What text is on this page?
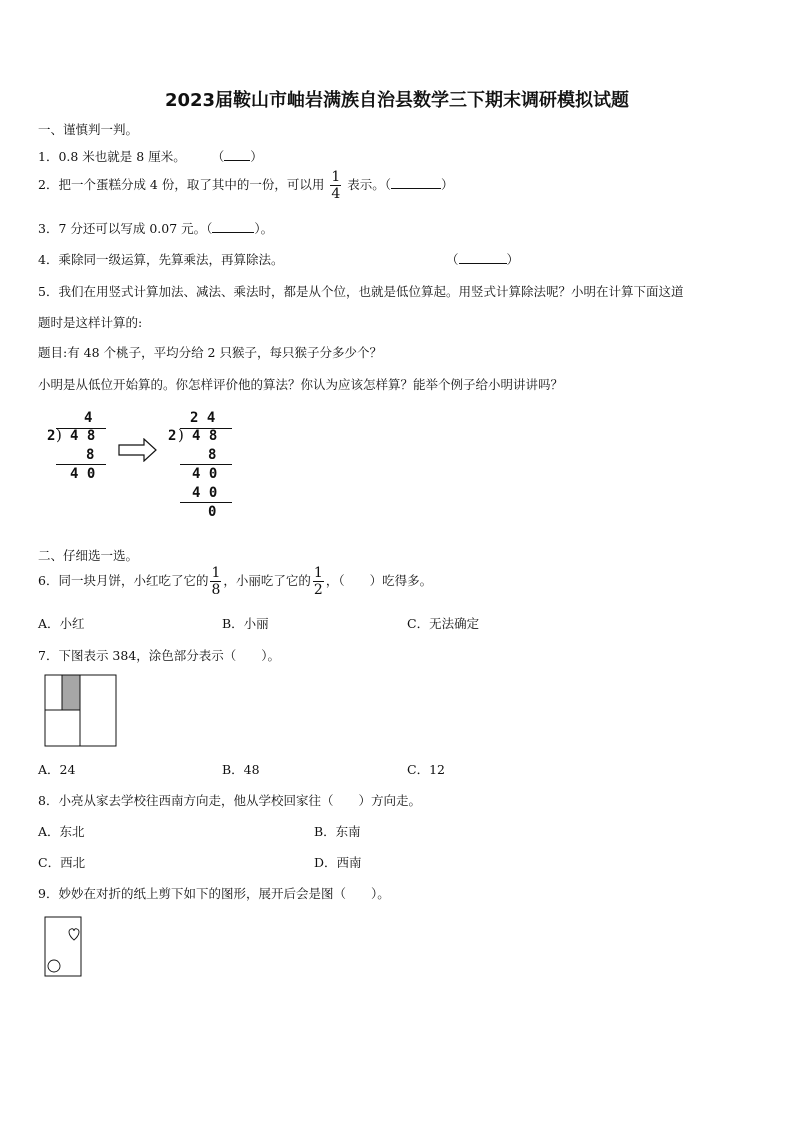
2023届鞍山市岫岩满族自治县数学三下期末调研模拟试题
一、谨慎判一判。
1．0.8 米也就是 8 厘米。 （ ）
2．把一个蛋糕分成 4 份，取了其中的一份，可以用 $\frac{1}{4}$ 表示。（	）
3．7 分还可以写成 0.07 元。（	）。
4．乘除同一级运算，先算乘法，再算除法。	（	）
5．我们在用竖式计算加法、减法、乘法时，都是从个位，也就是低位算起。用竖式计算除法呢？小明在计算下面这道
题时是这样计算的:
题目:有 48 个桃子，平均分给 2 只猴子，每只猴子分多少个？
小明是从低位开始算的。你怎样评价他的算法？你认为应该怎样算？能举个例子给小明讲讲吗？
4
2 ) 4 8
8
4 0
2 4
2 ) 4 8
8
4 0
4 0
0
二、仔细选一选。
6．同一块月饼，小红吃了它的 $\frac{1}{8}$ ，小丽吃了它的 $\frac{1}{2}$ ，（　　）吃得多。
A．小红	B．小丽	C．无法确定
7．下图表示 384，涂色部分表示（　　）。
A．24	B．48	C．12
8．小亮从家去学校往西南方向走，他从学校回家往（　　）方向走。
A．东北	B．东南
C．西北	D．西南
9．妙妙在对折的纸上剪下如下的图形，展开后会是图（　　）。
